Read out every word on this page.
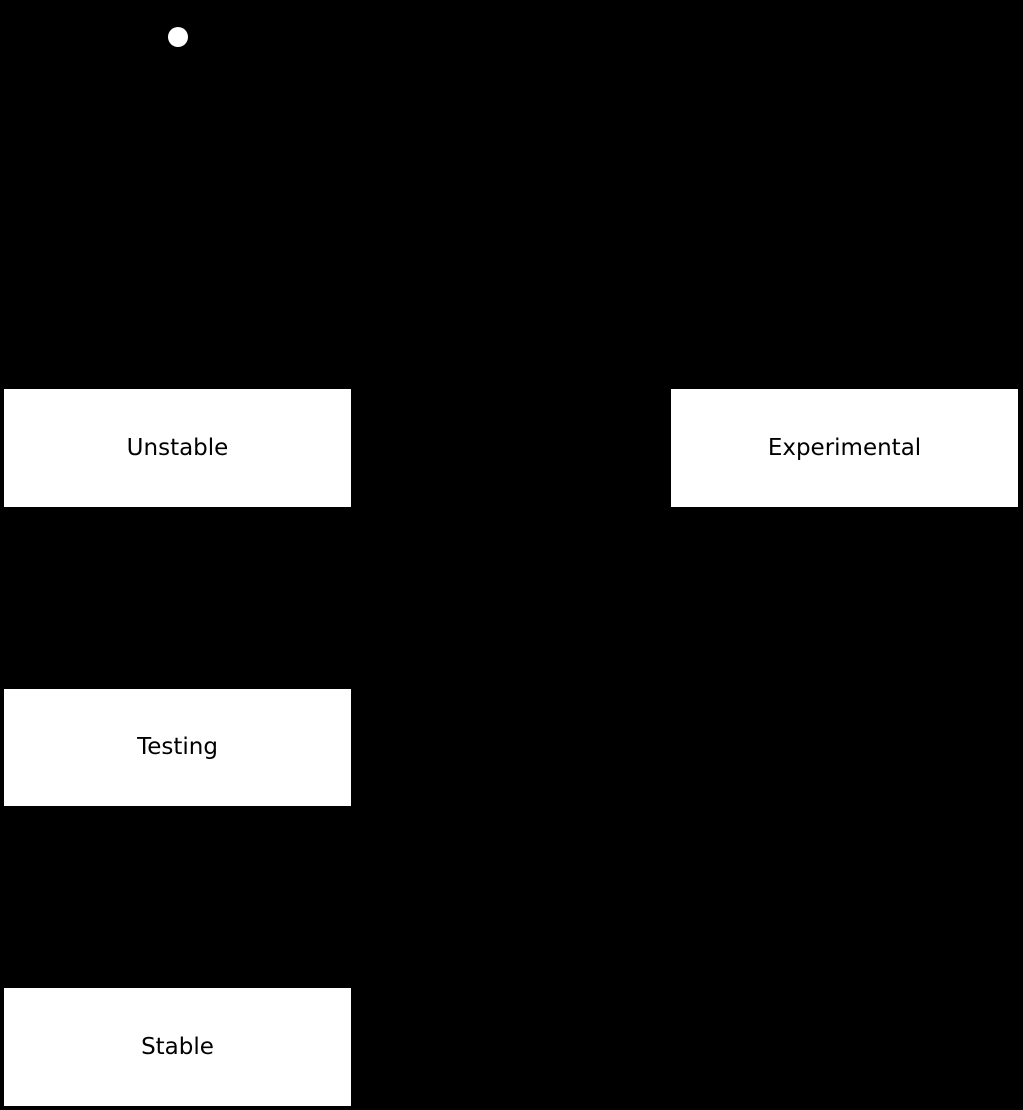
Unstable	Experimental
Testing
Stable
